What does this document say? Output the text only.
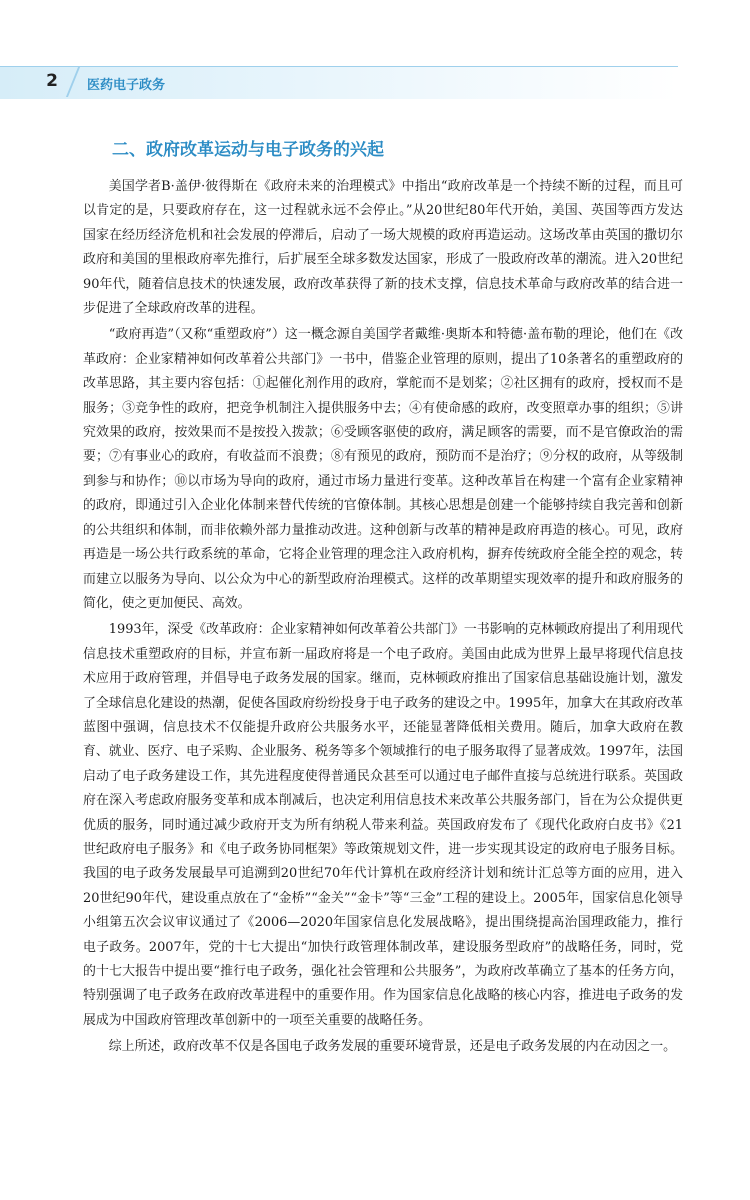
2	医药电子政务
二、政府改革运动与电子政务的兴起

美国学者B·盖伊·彼得斯在《政府未来的治理模式》中指出“政府改革是一个持续不断的过程，而且可以肯定的是，只要政府存在，这一过程就永远不会停止。”从20世纪80年代开始，美国、英国等西方发达国家在经历经济危机和社会发展的停滞后，启动了一场大规模的政府再造运动。这场改革由英国的撒切尔政府和美国的里根政府率先推行，后扩展至全球多数发达国家，形成了一股政府改革的潮流。进入20世纪90年代，随着信息技术的快速发展，政府改革获得了新的技术支撑，信息技术革命与政府改革的结合进一步促进了全球政府改革的进程。

“政府再造”（又称“重塑政府”）这一概念源自美国学者戴维·奥斯本和特德·盖布勒的理论，他们在《改革政府：企业家精神如何改革着公共部门》一书中，借鉴企业管理的原则，提出了10条著名的重塑政府的改革思路，其主要内容包括：①起催化剂作用的政府，掌舵而不是划桨；②社区拥有的政府，授权而不是服务；③竞争性的政府，把竞争机制注入提供服务中去；④有使命感的政府，改变照章办事的组织；⑤讲究效果的政府，按效果而不是按投入拨款；⑥受顾客驱使的政府，满足顾客的需要，而不是官僚政治的需要；⑦有事业心的政府，有收益而不浪费；⑧有预见的政府，预防而不是治疗；⑨分权的政府，从等级制到参与和协作；⑩以市场为导向的政府，通过市场力量进行变革。这种改革旨在构建一个富有企业家精神的政府，即通过引入企业化体制来替代传统的官僚体制。其核心思想是创建一个能够持续自我完善和创新的公共组织和体制，而非依赖外部力量推动改进。这种创新与改革的精神是政府再造的核心。可见，政府再造是一场公共行政系统的革命，它将企业管理的理念注入政府机构，摒弃传统政府全能全控的观念，转而建立以服务为导向、以公众为中心的新型政府治理模式。这样的改革期望实现效率的提升和政府服务的简化，使之更加便民、高效。

1993年，深受《改革政府：企业家精神如何改革着公共部门》一书影响的克林顿政府提出了利用现代信息技术重塑政府的目标，并宣布新一届政府将是一个电子政府。美国由此成为世界上最早将现代信息技术应用于政府管理，并倡导电子政务发展的国家。继而，克林顿政府推出了国家信息基础设施计划，激发了全球信息化建设的热潮，促使各国政府纷纷投身于电子政务的建设之中。1995年，加拿大在其政府改革蓝图中强调，信息技术不仅能提升政府公共服务水平，还能显著降低相关费用。随后，加拿大政府在教育、就业、医疗、电子采购、企业服务、税务等多个领域推行的电子服务取得了显著成效。1997年，法国启动了电子政务建设工作，其先进程度使得普通民众甚至可以通过电子邮件直接与总统进行联系。英国政府在深入考虑政府服务变革和成本削减后，也决定利用信息技术来改革公共服务部门，旨在为公众提供更优质的服务，同时通过减少政府开支为所有纳税人带来利益。英国政府发布了《现代化政府白皮书》《21世纪政府电子服务》和《电子政务协同框架》等政策规划文件，进一步实现其设定的政府电子服务目标。我国的电子政务发展最早可追溯到20世纪70年代计算机在政府经济计划和统计汇总等方面的应用，进入20世纪90年代，建设重点放在了“金桥”“金关”“金卡”等“三金”工程的建设上。2005年，国家信息化领导小组第五次会议审议通过了《2006—2020年国家信息化发展战略》，提出围绕提高治国理政能力，推行电子政务。2007年，党的十七大提出“加快行政管理体制改革，建设服务型政府”的战略任务，同时，党的十七大报告中提出要“推行电子政务，强化社会管理和公共服务”，为政府改革确立了基本的任务方向，特别强调了电子政务在政府改革进程中的重要作用。作为国家信息化战略的核心内容，推进电子政务的发展成为中国政府管理改革创新中的一项至关重要的战略任务。

综上所述，政府改革不仅是各国电子政务发展的重要环境背景，还是电子政务发展的内在动因之一。
